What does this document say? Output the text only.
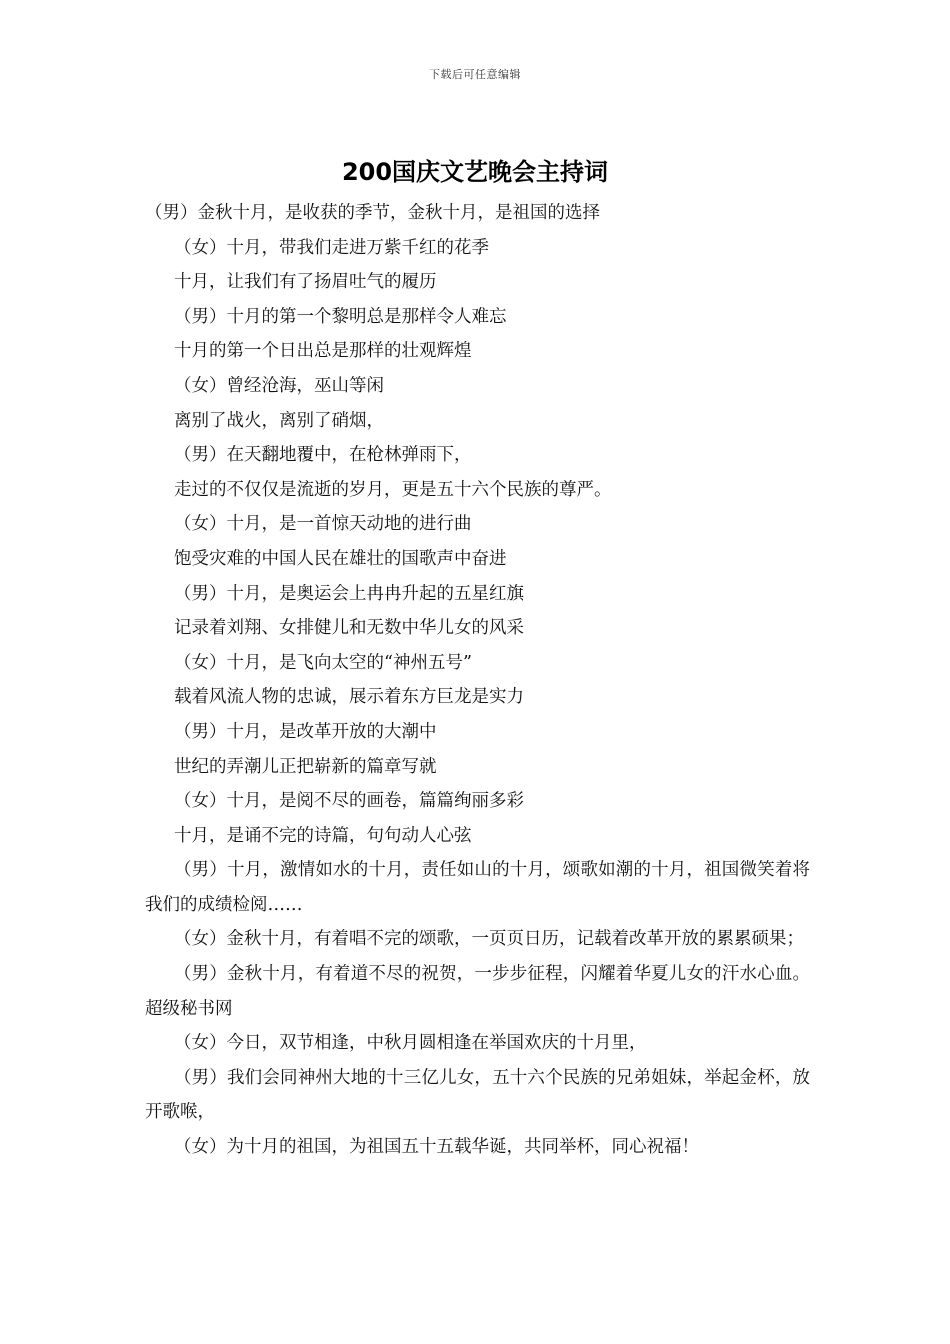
下载后可任意编辑
200国庆文艺晚会主持词

（男）金秋十月，是收获的季节，金秋十月，是祖国的选择

（女）十月，带我们走进万紫千红的花季

十月，让我们有了扬眉吐气的履历

（男）十月的第一个黎明总是那样令人难忘

十月的第一个日出总是那样的壮观辉煌

（女）曾经沧海，巫山等闲

离别了战火，离别了硝烟，

（男）在天翻地覆中，在枪林弹雨下，

走过的不仅仅是流逝的岁月，更是五十六个民族的尊严。

（女）十月，是一首惊天动地的进行曲

饱受灾难的中国人民在雄壮的国歌声中奋进

（男）十月，是奥运会上冉冉升起的五星红旗

记录着刘翔、女排健儿和无数中华儿女的风采

（女）十月，是飞向太空的“神州五号”

载着风流人物的忠诚，展示着东方巨龙是实力

（男）十月，是改革开放的大潮中

世纪的弄潮儿正把崭新的篇章写就

（女）十月，是阅不尽的画卷，篇篇绚丽多彩

十月，是诵不完的诗篇，句句动人心弦

（男）十月，激情如水的十月，责任如山的十月，颂歌如潮的十月，祖国微笑着将我们的成绩检阅……

（女）金秋十月，有着唱不完的颂歌，一页页日历，记载着改革开放的累累硕果；

（男）金秋十月，有着道不尽的祝贺，一步步征程，闪耀着华夏儿女的汗水心血。超级秘书网

（女）今日，双节相逢，中秋月圆相逢在举国欢庆的十月里，

（男）我们会同神州大地的十三亿儿女，五十六个民族的兄弟姐妹，举起金杯，放开歌喉，

（女）为十月的祖国，为祖国五十五载华诞，共同举杯，同心祝福！
